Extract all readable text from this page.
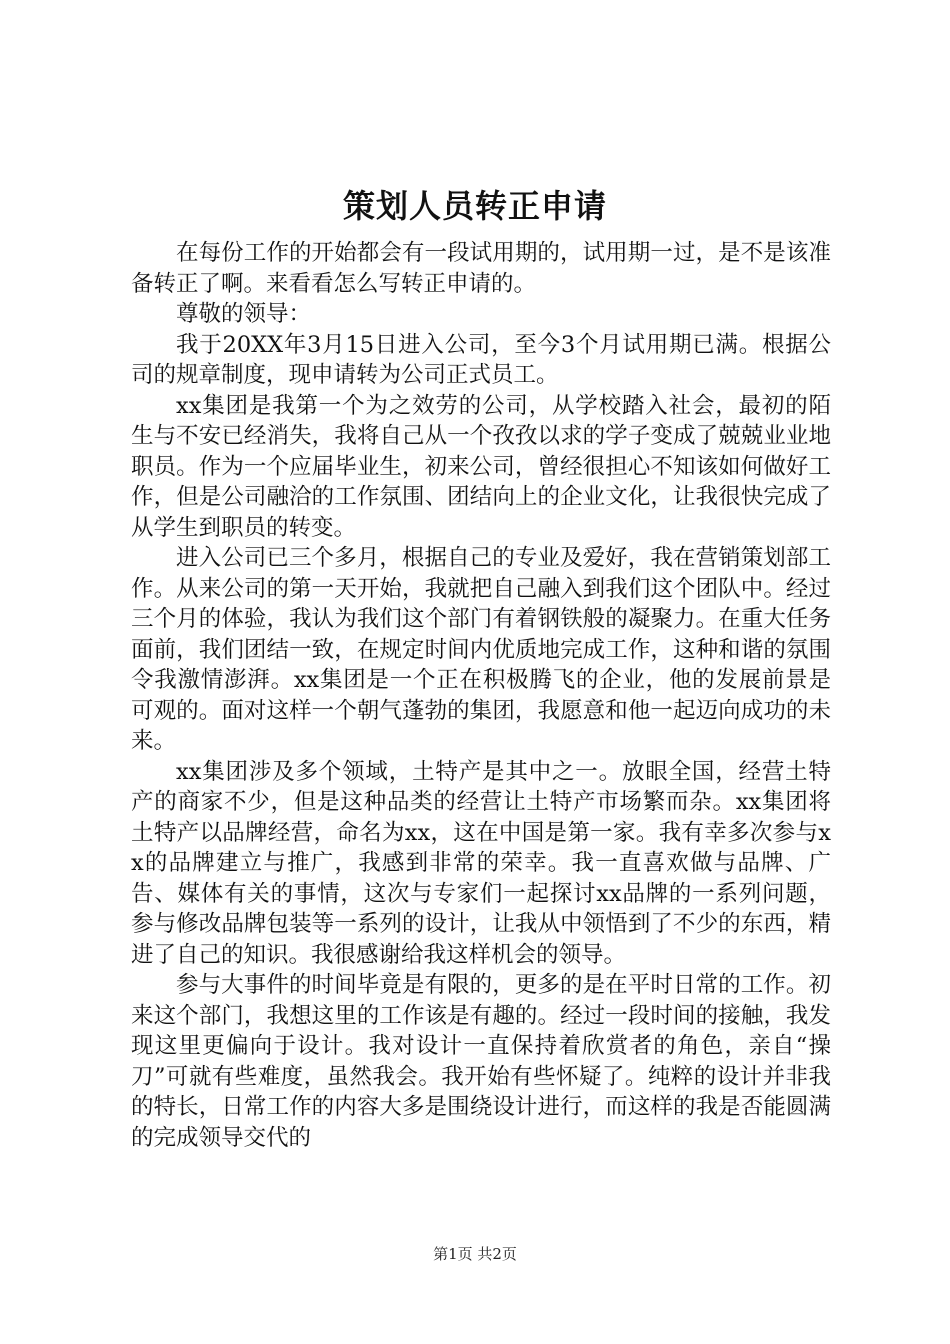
策划人员转正申请

在每份工作的开始都会有一段试用期的，试用期一过，是不是该准备转正了啊。来看看怎么写转正申请的。

尊敬的领导：

我于20XX年3月15日进入公司，至今3个月试用期已满。根据公司的规章制度，现申请转为公司正式员工。

xx集团是我第一个为之效劳的公司，从学校踏入社会，最初的陌生与不安已经消失，我将自己从一个孜孜以求的学子变成了兢兢业业地职员。作为一个应届毕业生，初来公司，曾经很担心不知该如何做好工作，但是公司融洽的工作氛围、团结向上的企业文化，让我很快完成了从学生到职员的转变。

进入公司已三个多月，根据自己的专业及爱好，我在营销策划部工作。从来公司的第一天开始，我就把自己融入到我们这个团队中。经过三个月的体验，我认为我们这个部门有着钢铁般的凝聚力。在重大任务面前，我们团结一致，在规定时间内优质地完成工作，这种和谐的氛围令我激情澎湃。xx集团是一个正在积极腾飞的企业，他的发展前景是可观的。面对这样一个朝气蓬勃的集团，我愿意和他一起迈向成功的未来。

xx集团涉及多个领域，土特产是其中之一。放眼全国，经营土特产的商家不少，但是这种品类的经营让土特产市场繁而杂。xx集团将土特产以品牌经营，命名为xx，这在中国是第一家。我有幸多次参与xx的品牌建立与推广，我感到非常的荣幸。我一直喜欢做与品牌、广告、媒体有关的事情，这次与专家们一起探讨xx品牌的一系列问题，参与修改品牌包装等一系列的设计，让我从中领悟到了不少的东西，精进了自己的知识。我很感谢给我这样机会的领导。

参与大事件的时间毕竟是有限的，更多的是在平时日常的工作。初来这个部门，我想这里的工作该是有趣的。经过一段时间的接触，我发现这里更偏向于设计。我对设计一直保持着欣赏者的角色，亲自“操刀”可就有些难度，虽然我会。我开始有些怀疑了。纯粹的设计并非我的特长，日常工作的内容大多是围绕设计进行，而这样的我是否能圆满的完成领导交代的

第1页 共2页
